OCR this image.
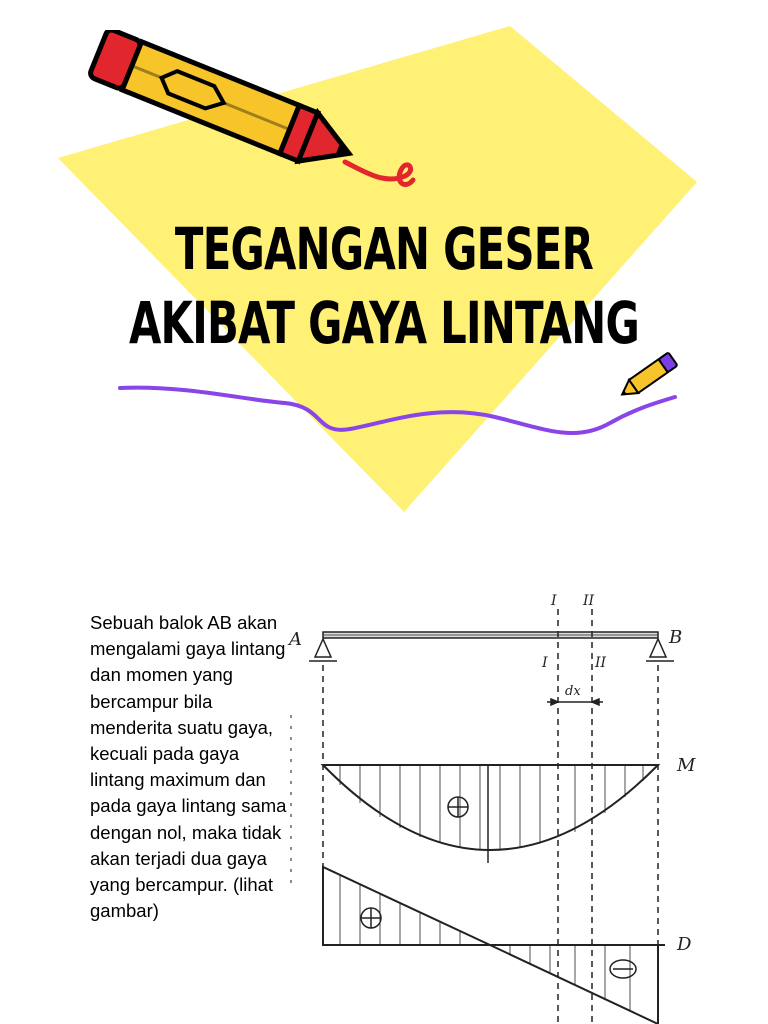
TEGANGAN GESER
AKIBAT GAYA LINTANG

Sebuah balok AB akan mengalami gaya lintang dan momen yang bercampur bila menderita suatu gaya, kecuali pada gaya lintang maximum dan pada gaya lintang sama dengan nol, maka tidak akan terjadi dua gaya yang bercampur. (lihat gambar)

A	B
I II
I	II
dx
M
D
